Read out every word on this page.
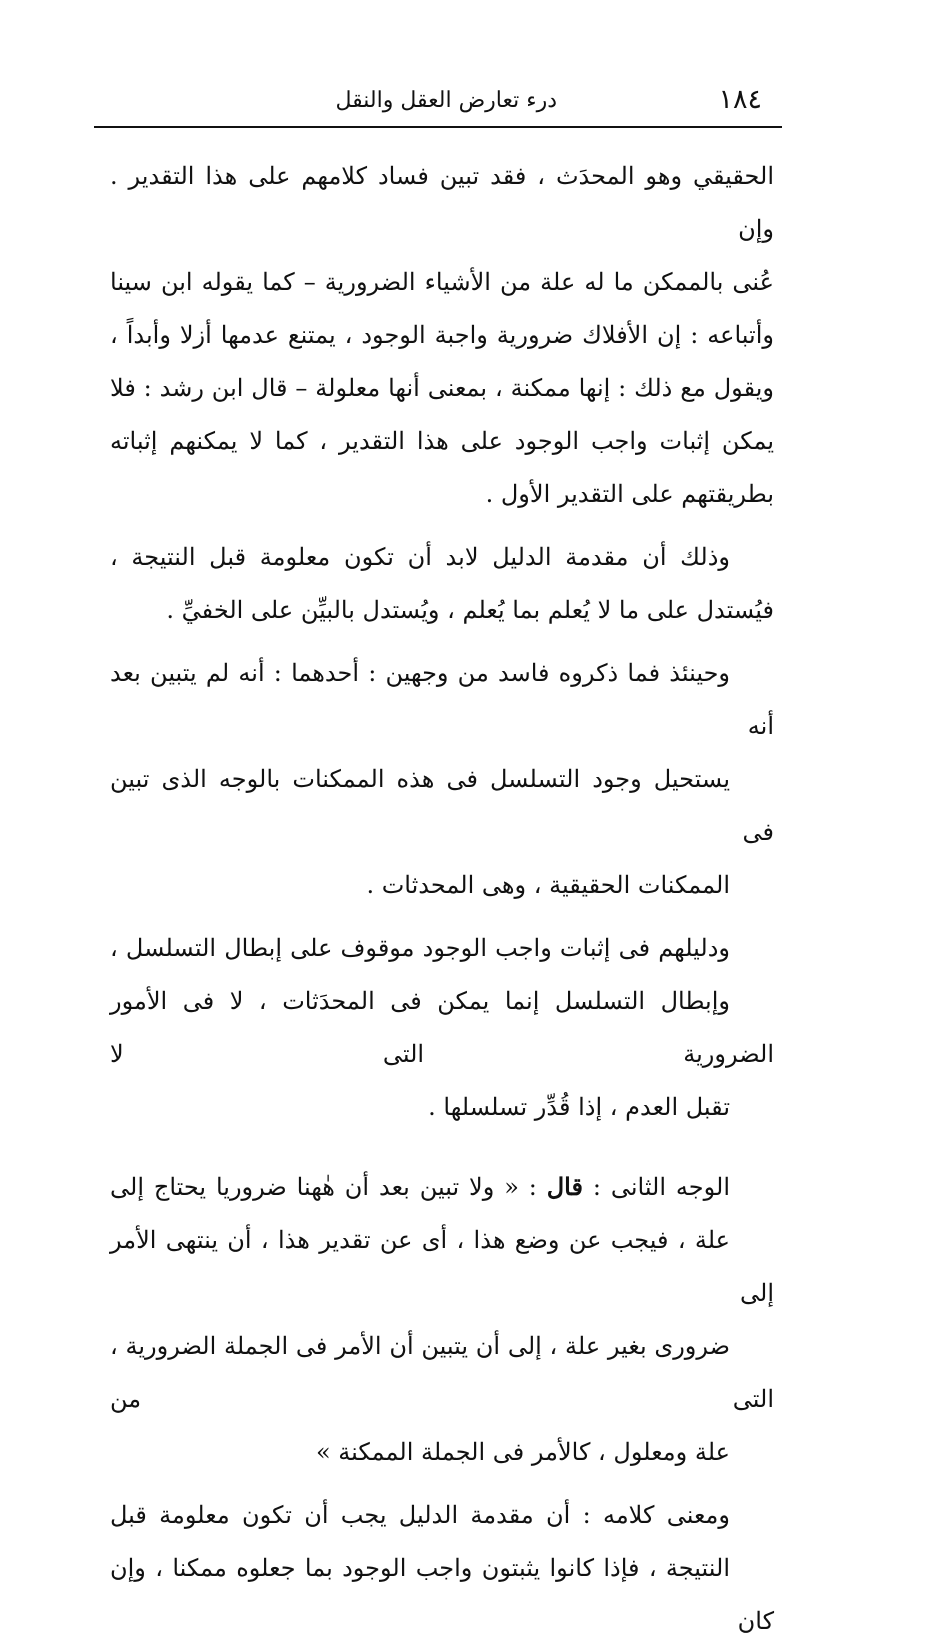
١٨٤
درء تعارض العقل والنقل

الحقيقي وهو المحدَث ، فقد تبين فساد كلامهم على هذا التقدير . وإن
عُنى بالممكن ما له علة من الأشياء الضرورية – كما يقوله ابن سينا
وأتباعه : إن الأفلاك ضرورية واجبة الوجود ، يمتنع عدمها أزلا وأبداً ،
ويقول مع ذلك : إنها ممكنة ، بمعنى أنها معلولة – قال ابن رشد : فلا
يمكن إثبات واجب الوجود على هذا التقدير ، كما لا يمكنهم إثباته
بطريقتهم على التقدير الأول .

وذلك أن مقدمة الدليل لابد أن تكون معلومة قبل النتيجة ،
فيُستدل على ما لا يُعلم بما يُعلم ، ويُستدل بالبيِّن على الخفيِّ .

وحينئذ فما ذكروه فاسد من وجهين : أحدهما : أنه لم يتبين بعد أنه
يستحيل وجود التسلسل فى هذه الممكنات بالوجه الذى تبين فى
الممكنات الحقيقية ، وهى المحدثات .

ودليلهم فى إثبات واجب الوجود موقوف على إبطال التسلسل ،
وإبطال التسلسل إنما يمكن فى المحدَثات ، لا فى الأمور الضرورية التى لا
تقبل العدم ، إذا قُدِّر تسلسلها .

الوجه الثانى : قال : « ولا تبين بعد أن هٰهنا ضروريا يحتاج إلى
علة ، فيجب عن وضع هذا ، أى عن تقدير هذا ، أن ينتهى الأمر إلى
ضرورى بغير علة ، إلى أن يتبين أن الأمر فى الجملة الضرورية ، التى من
علة ومعلول ، كالأمر فى الجملة الممكنة »

ومعنى كلامه : أن مقدمة الدليل يجب أن تكون معلومة قبل
النتيجة ، فإذا كانوا يثبتون واجب الوجود بما جعلوه ممكنا ، وإن كان
